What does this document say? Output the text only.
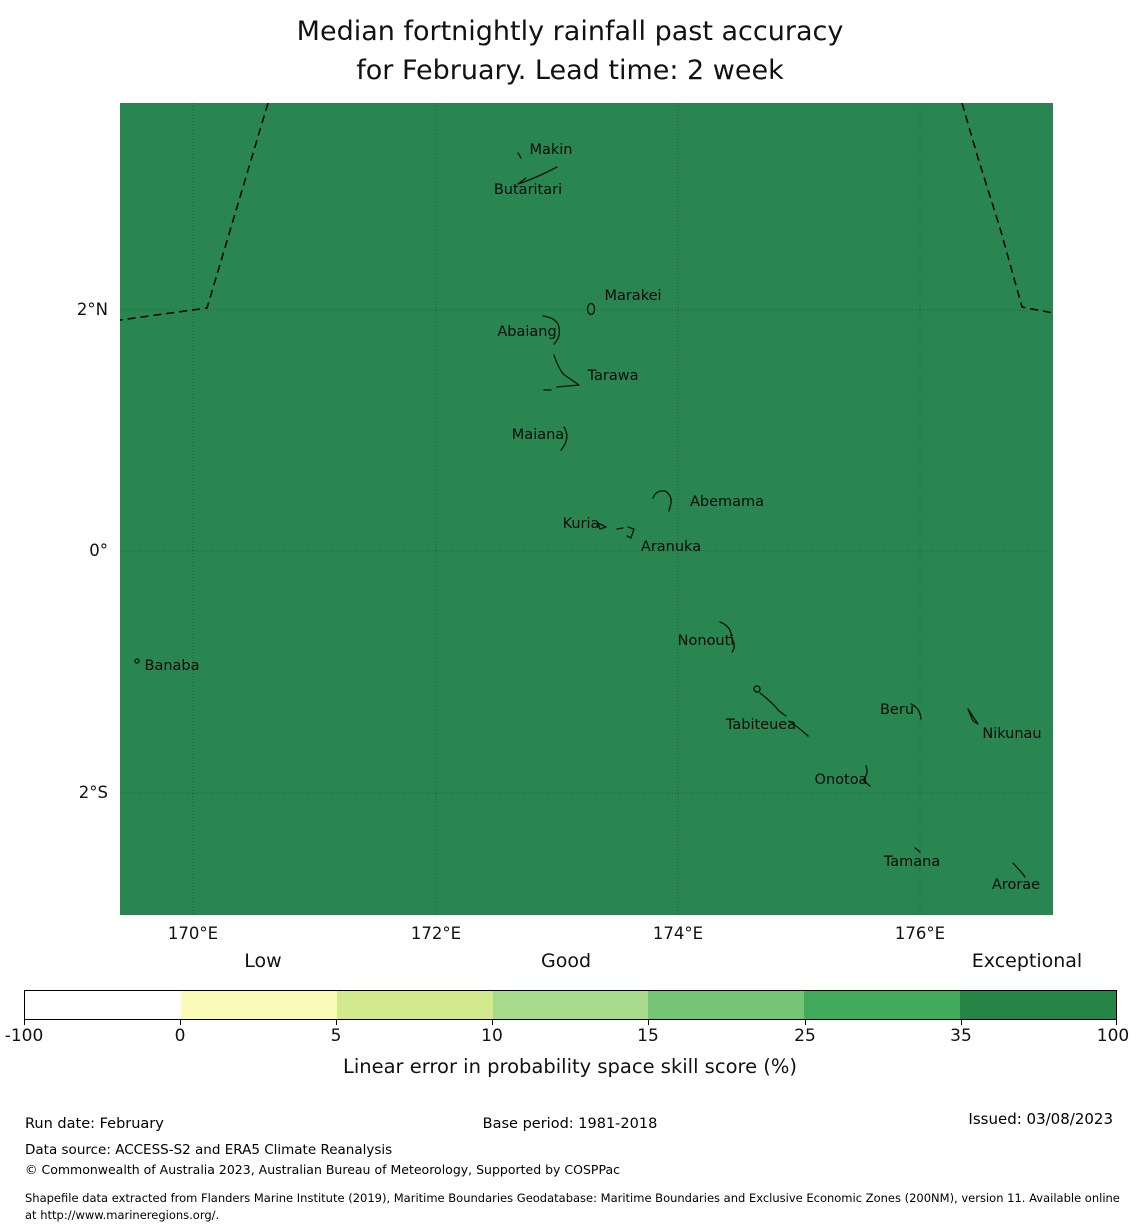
Median fortnightly rainfall past accuracy
for February. Lead time: 2 week
Makin
Butaritari
Marakei
Abaiang
Tarawa
Maiana
Abemama
Kuria
Aranuka
Nonouti
Banaba
Tabiteuea
Beru
Nikunau
Onotoa
Tamana
Arorae
2°N
0°
2°S
170°E	172°E	174°E	176°E
Low	Good	Exceptional
-100	0	5	10	15	25	35	100
Linear error in probability space skill score (%)
Run date: February	Base period: 1981-2018	Issued: 03/08/2023
Data source: ACCESS-S2 and ERA5 Climate Reanalysis
© Commonwealth of Australia 2023, Australian Bureau of Meteorology, Supported by COSPPac
Shapefile data extracted from Flanders Marine Institute (2019), Maritime Boundaries Geodatabase: Maritime Boundaries and Exclusive Economic Zones (200NM), version 11. Available online at http://www.marineregions.org/.
